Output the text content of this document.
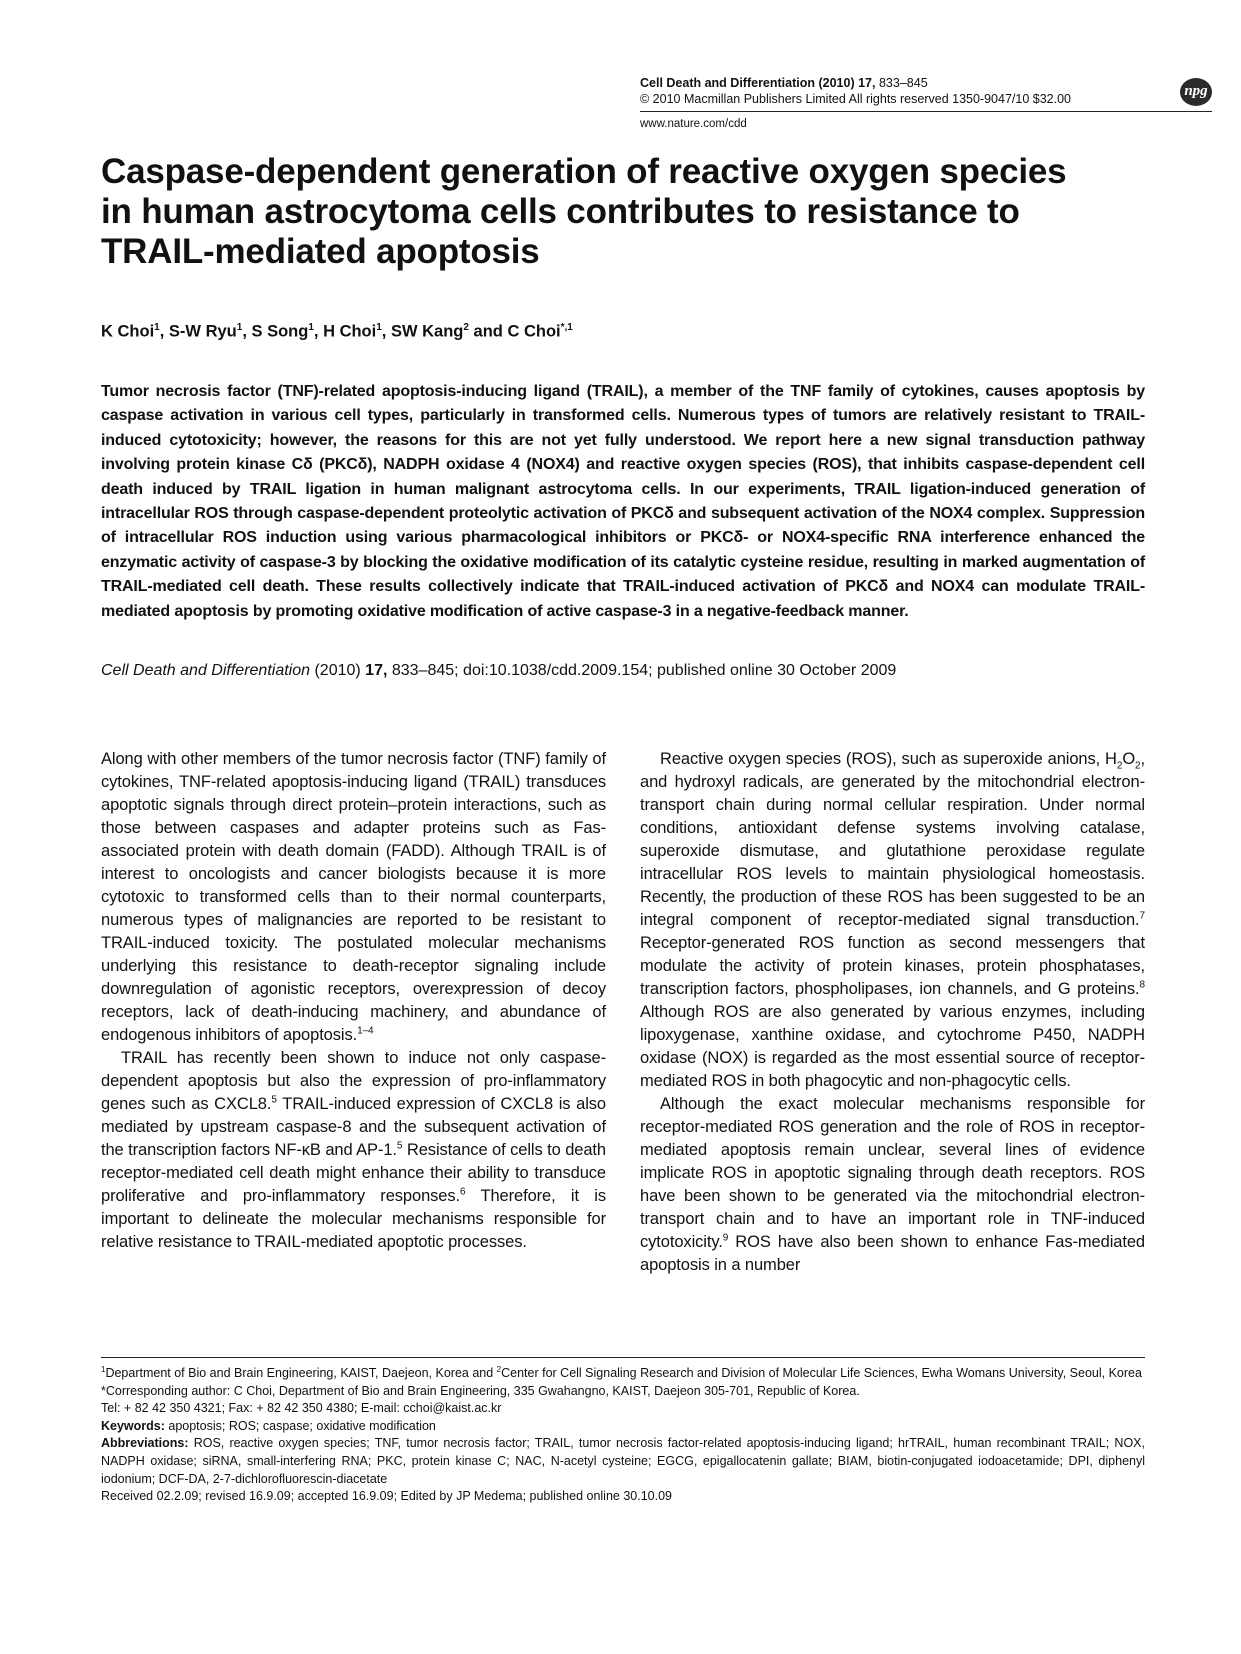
Cell Death and Differentiation (2010) 17, 833–845
© 2010 Macmillan Publishers Limited All rights reserved 1350-9047/10 $32.00
www.nature.com/cdd
npg
Caspase-dependent generation of reactive oxygen species in human astrocytoma cells contributes to resistance to TRAIL-mediated apoptosis
K Choi$^1$, S-W Ryu$^1$, S Song$^1$, H Choi$^1$, SW Kang$^2$ and C Choi$^{*,1}$

Tumor necrosis factor (TNF)-related apoptosis-inducing ligand (TRAIL), a member of the TNF family of cytokines, causes apoptosis by caspase activation in various cell types, particularly in transformed cells. Numerous types of tumors are relatively resistant to TRAIL-induced cytotoxicity; however, the reasons for this are not yet fully understood. We report here a new signal transduction pathway involving protein kinase Cδ (PKCδ), NADPH oxidase 4 (NOX4) and reactive oxygen species (ROS), that inhibits caspase-dependent cell death induced by TRAIL ligation in human malignant astrocytoma cells. In our experiments, TRAIL ligation-induced generation of intracellular ROS through caspase-dependent proteolytic activation of PKCδ and subsequent activation of the NOX4 complex. Suppression of intracellular ROS induction using various pharmacological inhibitors or PKCδ- or NOX4-specific RNA interference enhanced the enzymatic activity of caspase-3 by blocking the oxidative modification of its catalytic cysteine residue, resulting in marked augmentation of TRAIL-mediated cell death. These results collectively indicate that TRAIL-induced activation of PKCδ and NOX4 can modulate TRAIL-mediated apoptosis by promoting oxidative modification of active caspase-3 in a negative-feedback manner.

Cell Death and Differentiation (2010) 17, 833–845; doi:10.1038/cdd.2009.154; published online 30 October 2009

Along with other members of the tumor necrosis factor (TNF) family of cytokines, TNF-related apoptosis-inducing ligand (TRAIL) transduces apoptotic signals through direct protein–protein interactions, such as those between caspases and adapter proteins such as Fas-associated protein with death domain (FADD). Although TRAIL is of interest to oncologists and cancer biologists because it is more cytotoxic to transformed cells than to their normal counterparts, numerous types of malignancies are reported to be resistant to TRAIL-induced toxicity. The postulated molecular mechanisms underlying this resistance to death-receptor signaling include downregulation of agonistic receptors, overexpression of decoy receptors, lack of death-inducing machinery, and abundance of endogenous inhibitors of apoptosis.$^{1-4}$

TRAIL has recently been shown to induce not only caspase-dependent apoptosis but also the expression of pro-inflammatory genes such as CXCL8.$^5$ TRAIL-induced expression of CXCL8 is also mediated by upstream caspase-8 and the subsequent activation of the transcription factors NF-κB and AP-1.$^5$ Resistance of cells to death receptor-mediated cell death might enhance their ability to transduce proliferative and pro-inflammatory responses.$^6$ Therefore, it is important to delineate the molecular mechanisms responsible for relative resistance to TRAIL-mediated apoptotic processes.

Reactive oxygen species (ROS), such as superoxide anions, $H_2O_2$, and hydroxyl radicals, are generated by the mitochondrial electron-transport chain during normal cellular respiration. Under normal conditions, antioxidant defense systems involving catalase, superoxide dismutase, and glutathione peroxidase regulate intracellular ROS levels to maintain physiological homeostasis. Recently, the production of these ROS has been suggested to be an integral component of receptor-mediated signal transduction.$^7$ Receptor-generated ROS function as second messengers that modulate the activity of protein kinases, protein phosphatases, transcription factors, phospholipases, ion channels, and G proteins.$^8$ Although ROS are also generated by various enzymes, including lipoxygenase, xanthine oxidase, and cytochrome P450, NADPH oxidase (NOX) is regarded as the most essential source of receptor-mediated ROS in both phagocytic and non-phagocytic cells.

Although the exact molecular mechanisms responsible for receptor-mediated ROS generation and the role of ROS in receptor-mediated apoptosis remain unclear, several lines of evidence implicate ROS in apoptotic signaling through death receptors. ROS have been shown to be generated via the mitochondrial electron-transport chain and to have an important role in TNF-induced cytotoxicity.$^9$ ROS have also been shown to enhance Fas-mediated apoptosis in a number

$^1$Department of Bio and Brain Engineering, KAIST, Daejeon, Korea and $^2$Center for Cell Signaling Research and Division of Molecular Life Sciences, Ewha Womans University, Seoul, Korea

*Corresponding author: C Choi, Department of Bio and Brain Engineering, 335 Gwahangno, KAIST, Daejeon 305-701, Republic of Korea.

Tel: + 82 42 350 4321; Fax: + 82 42 350 4380; E-mail: cchoi@kaist.ac.kr

Keywords: apoptosis; ROS; caspase; oxidative modification

Abbreviations: ROS, reactive oxygen species; TNF, tumor necrosis factor; TRAIL, tumor necrosis factor-related apoptosis-inducing ligand; hrTRAIL, human recombinant TRAIL; NOX, NADPH oxidase; siRNA, small-interfering RNA; PKC, protein kinase C; NAC, N-acetyl cysteine; EGCG, epigallocatenin gallate; BIAM, biotin-conjugated iodoacetamide; DPI, diphenyl iodonium; DCF-DA, 2-7-dichlorofluorescin-diacetate

Received 02.2.09; revised 16.9.09; accepted 16.9.09; Edited by JP Medema; published online 30.10.09
